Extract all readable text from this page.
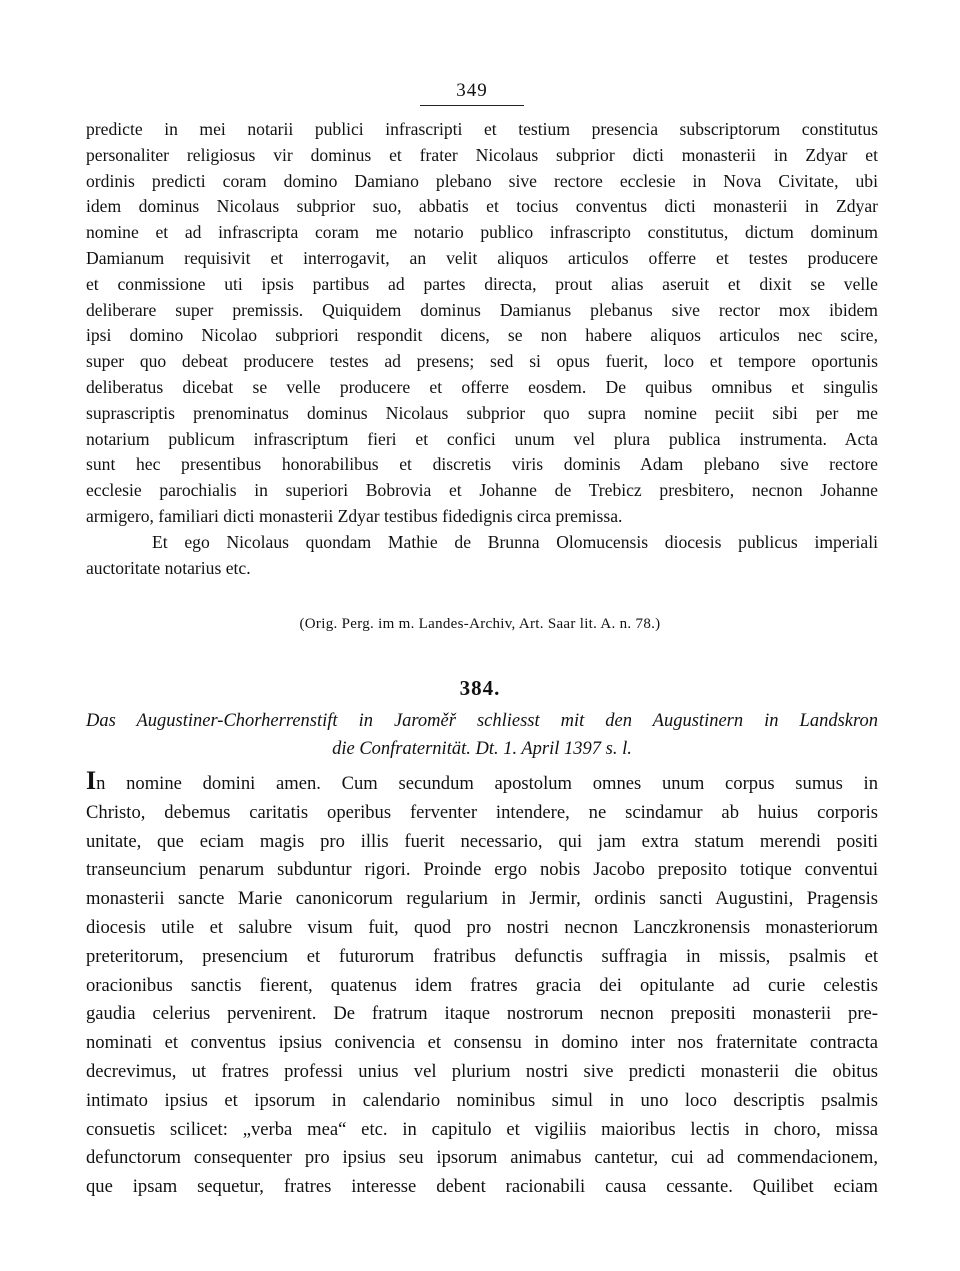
349
predicte in mei notarii publici infrascripti et testium presencia subscriptorum constitutus
personaliter religiosus vir dominus et frater Nicolaus subprior dicti monasterii in Zdyar et
ordinis predicti coram domino Damiano plebano sive rectore ecclesie in Nova Civitate, ubi
idem dominus Nicolaus subprior suo, abbatis et tocius conventus dicti monasterii in Zdyar
nomine et ad infrascripta coram me notario publico infrascripto constitutus, dictum dominum
Damianum requisivit et interrogavit, an velit aliquos articulos offerre et testes producere
et conmissione uti ipsis partibus ad partes directa, prout alias aseruit et dixit se velle
deliberare super premissis. Quiquidem dominus Damianus plebanus sive rector mox ibidem
ipsi domino Nicolao subpriori respondit dicens, se non habere aliquos articulos nec scire,
super quo debeat producere testes ad presens; sed si opus fuerit, loco et tempore oportunis
deliberatus dicebat se velle producere et offerre eosdem. De quibus omnibus et singulis
suprascriptis prenominatus dominus Nicolaus subprior quo supra nomine peciit sibi per me
notarium publicum infrascriptum fieri et confici unum vel plura publica instrumenta. Acta
sunt hec presentibus honorabilibus et discretis viris dominis Adam plebano sive rectore
ecclesie parochialis in superiori Bobrovia et Johanne de Trebicz presbitero, necnon Johanne
armigero, familiari dicti monasterii Zdyar testibus fidedignis circa premissa.
Et ego Nicolaus quondam Mathie de Brunna Olomucensis diocesis publicus imperiali
auctoritate notarius etc.
(Orig. Perg. im m. Landes-Archiv, Art. Saar lit. A. n. 78.)
384.
Das Augustiner-Chorherrenstift in Jaroměř schliesst mit den Augustinern in Landskron
die Confraternität. Dt. 1. April 1397 s. l.
In nomine domini amen. Cum secundum apostolum omnes unum corpus sumus in
Christo, debemus caritatis operibus ferventer intendere, ne scindamur ab huius corporis
unitate, que eciam magis pro illis fuerit necessario, qui jam extra statum merendi positi
transeuncium penarum subduntur rigori. Proinde ergo nobis Jacobo preposito totique conventui
monasterii sancte Marie canonicorum regularium in Jermir, ordinis sancti Augustini, Pragensis
diocesis utile et salubre visum fuit, quod pro nostri necnon Lanczkronensis monasteriorum
preteritorum, presencium et futurorum fratribus defunctis suffragia in missis, psalmis et
oracionibus sanctis fierent, quatenus idem fratres gracia dei opitulante ad curie celestis
gaudia celerius pervenirent. De fratrum itaque nostrorum necnon prepositi monasterii pre-
nominati et conventus ipsius conivencia et consensu in domino inter nos fraternitate contracta
decrevimus, ut fratres professi unius vel plurium nostri sive predicti monasterii die obitus
intimato ipsius et ipsorum in calendario nominibus simul in uno loco descriptis psalmis
consuetis scilicet: „verba mea“ etc. in capitulo et vigiliis maioribus lectis in choro, missa
defunctorum consequenter pro ipsius seu ipsorum animabus cantetur, cui ad commendacionem,
que ipsam sequetur, fratres interesse debent racionabili causa cessante. Quilibet eciam
